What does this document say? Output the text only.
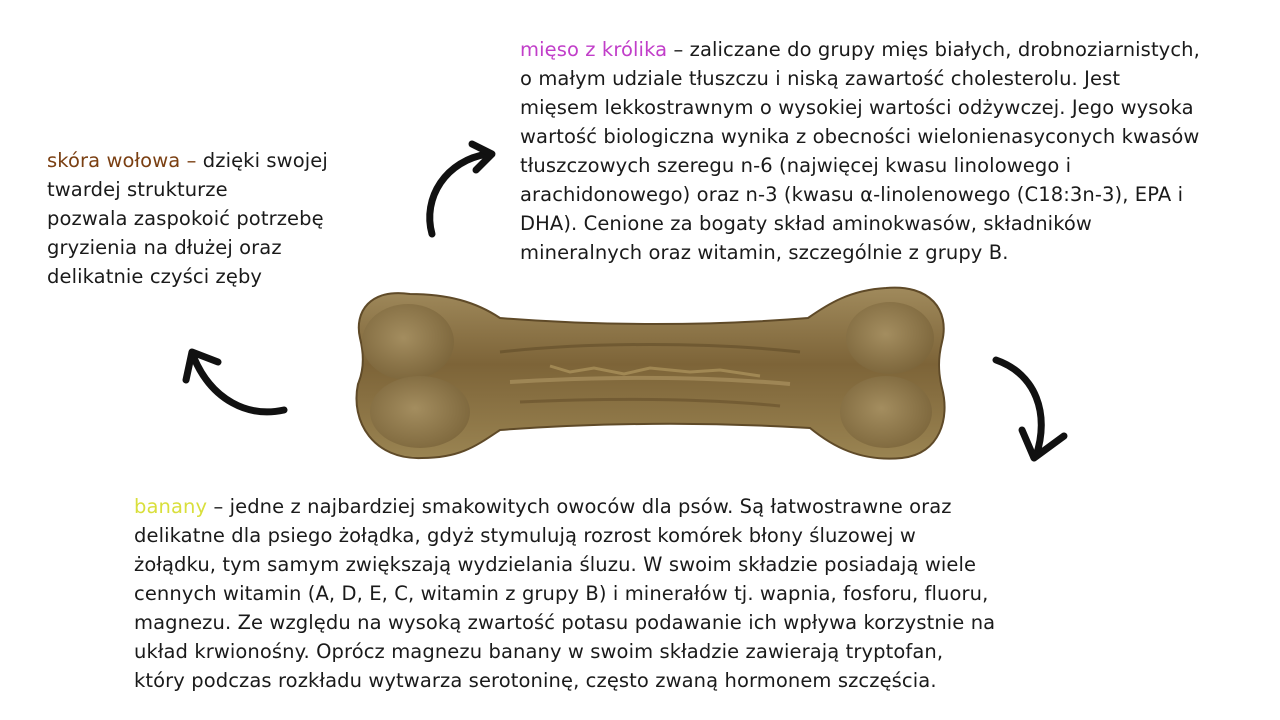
skóra wołowa – dzięki swojej
twardej strukturze
pozwala zaspokoić potrzebę
gryzienia na dłużej oraz
delikatnie czyści zęby
mięso z królika – zaliczane do grupy mięs białych, drobnoziarnistych,
o małym udziale tłuszczu i niską zawartość cholesterolu. Jest
mięsem lekkostrawnym o wysokiej wartości odżywczej. Jego wysoka
wartość biologiczna wynika z obecności wielonienasyconych kwasów
tłuszczowych szeregu n-6 (najwięcej kwasu linolowego i
arachidonowego) oraz n-3 (kwasu α-linolenowego (C18:3n-3), EPA i
DHA). Cenione za bogaty skład aminokwasów, składników
mineralnych oraz witamin, szczególnie z grupy B.
banany – jedne z najbardziej smakowitych owoców dla psów. Są łatwostrawne oraz
delikatne dla psiego żołądka, gdyż stymulują rozrost komórek błony śluzowej w
żołądku, tym samym zwiększają wydzielania śluzu. W swoim składzie posiadają wiele
cennych witamin (A, D, E, C, witamin z grupy B) i minerałów tj. wapnia, fosforu, fluoru,
magnezu. Ze względu na wysoką zwartość potasu podawanie ich wpływa korzystnie na
układ krwionośny. Oprócz magnezu banany w swoim składzie zawierają tryptofan,
który podczas rozkładu wytwarza serotoninę, często zwaną hormonem szczęścia.
